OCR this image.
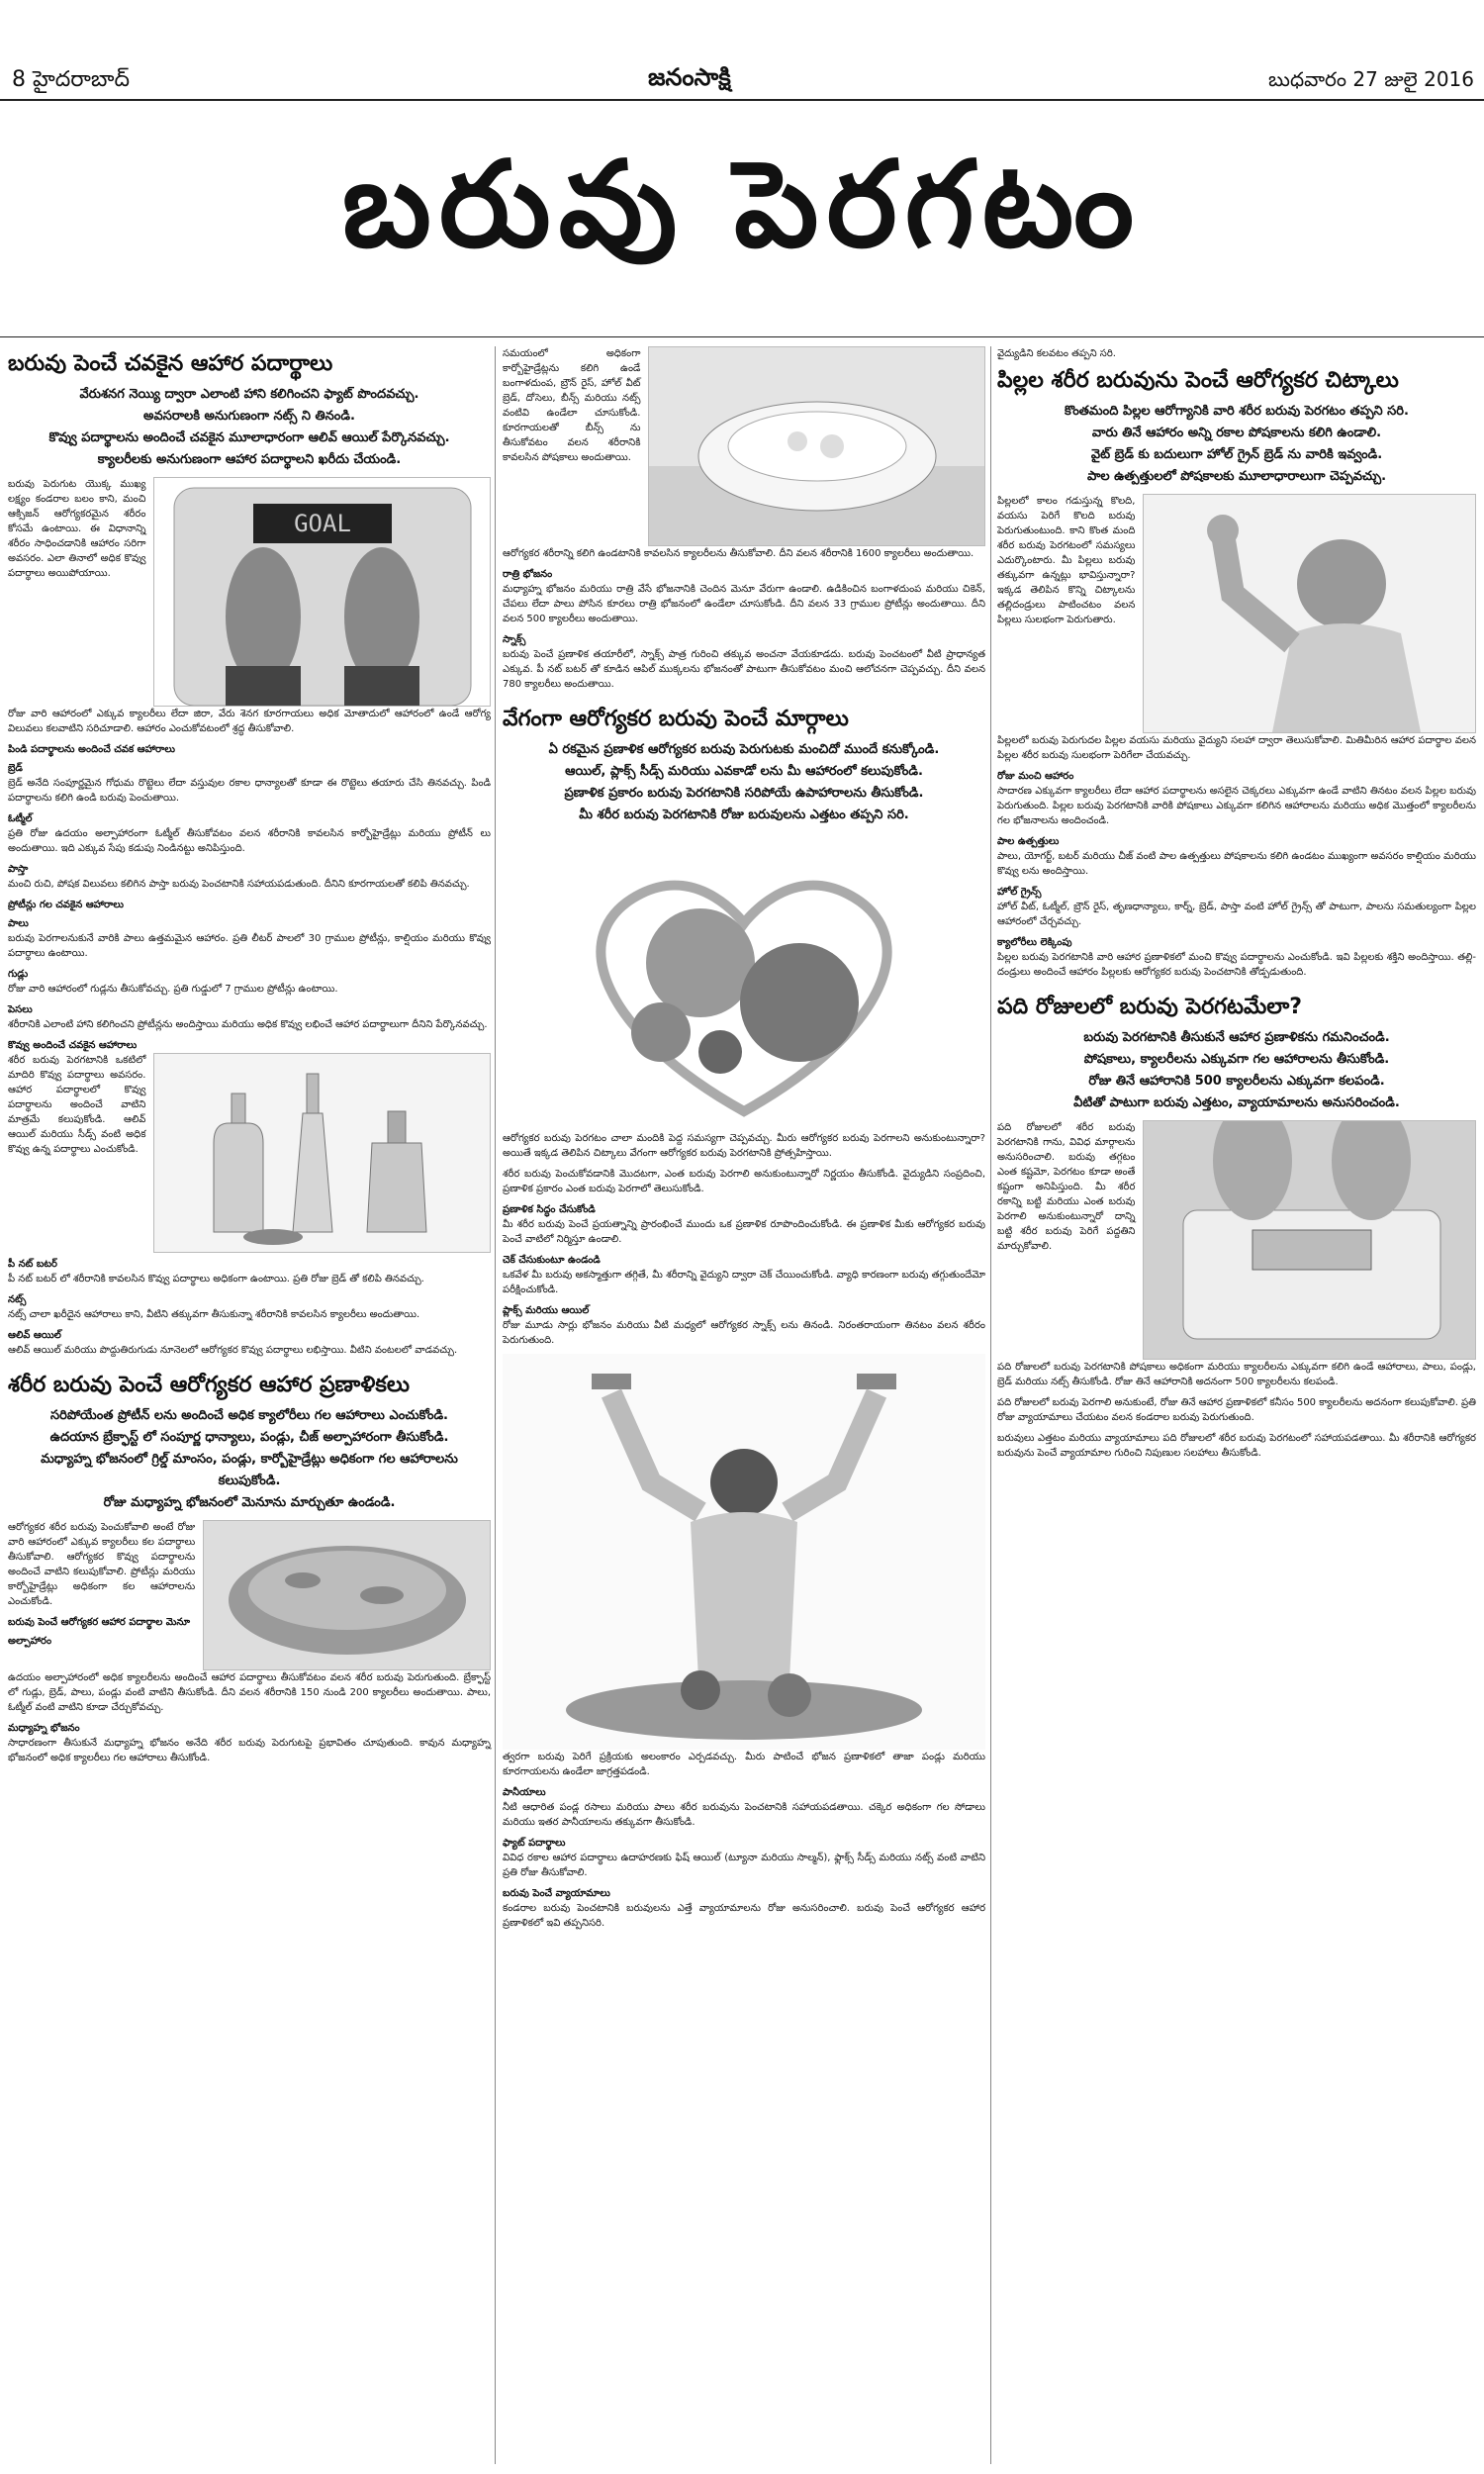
8 హైదరాబాద్	జనంసాక్షి	బుధవారం 27 జులై 2016
బరువు పెరగటం
బరువు పెంచే చవకైన ఆహార పదార్థాలు
వేరుశనగ నెయ్యి ద్వారా ఎలాంటి హాని కలిగించని ఫ్యాట్ పొందవచ్చు.
అవసరాలకి అనుగుణంగా నట్స్ ని తినండి.
కొవ్వు పదార్థాలను అందించే చవకైన మూలాధారంగా ఆలివ్ ఆయిల్ పేర్కొనవచ్చు.
క్యాలరీలకు అనుగుణంగా ఆహార పదార్థాలని ఖరీదు చేయండి.

బరువు పెరుగుట యొక్క ముఖ్య లక్ష్యం కండరాల బలం కాని, మంచి ఆక్సిజన్ ఆరోగ్యకరమైన శరీరం కోసమే ఉంటాయి. ఈ విధానాన్ని శరీరం సాధించడానికి ఆహారం సరిగా అవసరం. ఎలా తినాలో అధిక కొవ్వు పదార్థాలు అయిపోయాయి.

GOAL

రోజు వారి ఆహారంలో ఎక్కువ క్యాలరీలు లేదా జిరా, వేరు శెనగ కూరగాయలు అధిక మోతాదులో ఆహారంలో ఉండే ఆరోగ్య విలువలు కలవాటిని సరిచూడాలి. ఆహారం ఎంచుకోవటంలో శ్రద్ధ తీసుకోవాలి.

పిండి పదార్థాలను అందించే చవక ఆహారాలు
బ్రెడ్

బ్రెడ్ అనేది సంపూర్ణమైన గోధుమ రొట్టెలు లేదా వస్తువుల రకాల ధాన్యాలతో కూడా ఈ రొట్టెలు తయారు చేసి తినవచ్చు. పిండి పదార్థాలను కలిగి ఉండి బరువు పెంచుతాయి.

ఓట్మీల్

ప్రతి రోజు ఉదయం అల్పాహారంగా ఓట్మీల్ తీసుకోవటం వలన శరీరానికి కావలసిన కార్బోహైడ్రేట్లు మరియు ప్రోటీన్ లు అందుతాయి. ఇది ఎక్కువ సేపు కడుపు నిండినట్టు అనిపిస్తుంది.

పాస్తా

మంచి రుచి, పోషక విలువలు కలిగిన పాస్తా బరువు పెంచటానికి సహాయపడుతుంది. దీనిని కూరగాయలతో కలిపి తినవచ్చు.

ప్రోటీన్లు గల చవకైన ఆహారాలు
పాలు

బరువు పెరగాలనుకునే వారికి పాలు ఉత్తమమైన ఆహారం. ప్రతి లీటర్ పాలలో 30 గ్రాముల ప్రోటీన్లు, కాల్షియం మరియు కొవ్వు పదార్థాలు ఉంటాయి.

గుడ్లు

రోజు వారి ఆహారంలో గుడ్లను తీసుకోవచ్చు. ప్రతి గుడ్డులో 7 గ్రాముల ప్రోటీన్లు ఉంటాయి.

పెసలు

శరీరానికి ఎలాంటి హాని కలిగించని ప్రోటీన్లను అందిస్తాయి మరియు అధిక కొవ్వు లభించే ఆహార పదార్థాలుగా దీనిని పేర్కొనవచ్చు.

కొవ్వు అందించే చవకైన ఆహారాలు

శరీర బరువు పెరగటానికి ఒకటిలో మాదిరి కొవ్వు పదార్థాలు అవసరం. ఆహార పదార్థాలలో కొవ్వు పదార్థాలను అందించే వాటిని మాత్రమే కలుపుకోండి. ఆలివ్ ఆయిల్ మరియు సీడ్స్ వంటి అధిక కొవ్వు ఉన్న పదార్థాలు ఎంచుకోండి.

పీ నట్ బటర్

పీ నట్ బటర్ లో శరీరానికి కావలసిన కొవ్వు పదార్థాలు అధికంగా ఉంటాయి. ప్రతి రోజు బ్రెడ్ తో కలిపి తినవచ్చు.

నట్స్

నట్స్ చాలా ఖరీదైన ఆహారాలు కాని, వీటిని తక్కువగా తీసుకున్నా శరీరానికి కావలసిన క్యాలరీలు అందుతాయి.

ఆలివ్ ఆయిల్

ఆలివ్ ఆయిల్ మరియు పొద్దుతిరుగుడు నూనెలలో ఆరోగ్యకర కొవ్వు పదార్థాలు లభిస్తాయి. వీటిని వంటలలో వాడవచ్చు.

శరీర బరువు పెంచే ఆరోగ్యకర ఆహార ప్రణాళికలు
సరిపోయేంత ప్రోటీన్ లను అందించే అధిక క్యాలోరీలు గల ఆహారాలు ఎంచుకోండి.
ఉదయాన బ్రేక్ఫాస్ట్ లో సంపూర్ణ ధాన్యాలు, పండ్లు, చీజ్ అల్పాహారంగా తీసుకోండి.
మధ్యాహ్న భోజనంలో గ్రిల్డ్ మాంసం, పండ్లు, కార్బోహైడ్రేట్లు అధికంగా గల ఆహారాలను కలుపుకోండి.
రోజు మధ్యాహ్న భోజనంలో మెనూను మార్చుతూ ఉండండి.

ఆరోగ్యకర శరీర బరువు పెంచుకోవాలి అంటే రోజు వారి ఆహారంలో ఎక్కువ క్యాలరీలు కల పదార్థాలు తీసుకోవాలి. ఆరోగ్యకర కొవ్వు పదార్థాలను అందించే వాటిని కలుపుకోవాలి. ప్రోటీన్లు మరియు కార్బోహైడ్రేట్లు అధికంగా కల ఆహారాలను ఎంచుకోండి.

బరువు పెంచే ఆరోగ్యకర ఆహార పదార్థాల మెనూ
అల్పాహారం

ఉదయం అల్పాహారంలో అధిక క్యాలరీలను అందించే ఆహార పదార్థాలు తీసుకోవటం వలన శరీర బరువు పెరుగుతుంది. బ్రేక్ఫాస్ట్ లో గుడ్లు, బ్రెడ్, పాలు, పండ్లు వంటి వాటిని తీసుకోండి. దీని వలన శరీరానికి 150 నుండి 200 క్యాలరీలు అందుతాయి. పాలు, ఓట్మీల్ వంటి వాటిని కూడా చేర్చుకోవచ్చు.

మధ్యాహ్న భోజనం

సాధారణంగా తీసుకునే మధ్యాహ్న భోజనం అనేది శరీర బరువు పెరుగుటపై ప్రభావితం చూపుతుంది. కావున మధ్యాహ్న భోజనంలో అధిక క్యాలరీలు గల ఆహారాలు తీసుకోండి.

సమయంలో అధికంగా కార్బోహైడ్రేట్లను కలిగి ఉండే బంగాళదుంప, బ్రౌన్ రైస్, హోల్ వీట్ బ్రెడ్, దోసెలు, బీన్స్ మరియు నట్స్ వంటివి ఉండేలా చూసుకోండి. కూరగాయలతో బీన్స్ ను తీసుకోవటం వలన శరీరానికి కావలసిన పోషకాలు అందుతాయి.

ఆరోగ్యకర శరీరాన్ని కలిగి ఉండటానికి కావలసిన క్యాలరీలను తీసుకోవాలి. దీని వలన శరీరానికి 1600 క్యాలరీలు అందుతాయి.

రాత్రి భోజనం

మధ్యాహ్న భోజనం మరియు రాత్రి వేసే భోజనానికి చెందిన మెనూ వేరుగా ఉండాలి. ఉడికించిన బంగాళదుంప మరియు చికెన్, చేపలు లేదా పాలు పోసిన కూరలు రాత్రి భోజనంలో ఉండేలా చూసుకోండి. దీని వలన 33 గ్రాముల ప్రోటీన్లు అందుతాయి. దీని వలన 500 క్యాలరీలు అందుతాయి.

స్నాక్స్

బరువు పెంచే ప్రణాళిక తయారీలో, స్నాక్స్ పాత్ర గురించి తక్కువ అంచనా వేయకూడదు. బరువు పెంచటంలో వీటి ప్రాధాన్యత ఎక్కువ. పీ నట్ బటర్ తో కూడిన ఆపిల్ ముక్కలను భోజనంతో పాటుగా తీసుకోవటం మంచి ఆలోచనగా చెప్పవచ్చు. దీని వలన 780 క్యాలరీలు అందుతాయి.

వేగంగా ఆరోగ్యకర బరువు పెంచే మార్గాలు
ఏ రకమైన ప్రణాళిక ఆరోగ్యకర బరువు పెరుగుటకు మంచిదో ముందే కనుక్కోండి.
ఆయిల్, ప్లాక్స్ సీడ్స్ మరియు ఎవకాడో లను మీ ఆహారంలో కలుపుకోండి.
ప్రణాళిక ప్రకారం బరువు పెరగటానికి సరిపోయే ఉపాహారాలను తీసుకోండి.
మీ శరీర బరువు పెరగటానికి రోజు బరువులను ఎత్తటం తప్పని సరి.

ఆరోగ్యకర బరువు పెరగటం చాలా మందికి పెద్ద సమస్యగా చెప్పవచ్చు. మీరు ఆరోగ్యకర బరువు పెరగాలని అనుకుంటున్నారా? అయితే ఇక్కడ తెలిపిన చిట్కాలు వేగంగా ఆరోగ్యకర బరువు పెరగటానికి ప్రోత్సహిస్తాయి.

శరీర బరువు పెంచుకోవడానికి మొదటగా, ఎంత బరువు పెరగాలి అనుకుంటున్నారో నిర్ణయం తీసుకోండి. వైద్యుడిని సంప్రదించి, ప్రణాళిక ప్రకారం ఎంత బరువు పెరగాలో తెలుసుకోండి.

ప్రణాళిక సిద్ధం చేసుకోండి

మీ శరీర బరువు పెంచే ప్రయత్నాన్ని ప్రారంభించే ముందు ఒక ప్రణాళిక రూపొందించుకోండి. ఈ ప్రణాళిక మీకు ఆరోగ్యకర బరువు పెంచే వాటిలో నిర్మిస్తూ ఉండాలి.

చెక్ చేసుకుంటూ ఉండండి

ఒకవేళ మీ బరువు అకస్మాత్తుగా తగ్గితే, మీ శరీరాన్ని వైద్యుని ద్వారా చెక్ చేయించుకోండి. వ్యాధి కారణంగా బరువు తగ్గుతుందేమో పరీక్షించుకోండి.

ప్లాక్స్ మరియు ఆయిల్

రోజు మూడు సార్లు భోజనం మరియు వీటి మధ్యలో ఆరోగ్యకర స్నాక్స్ లను తినండి. నిరంతరాయంగా తినటం వలన శరీరం పెరుగుతుంది.

త్వరగా బరువు పెరిగే ప్రక్రియకు అలంకారం ఎర్పడవచ్చు. మీరు పాటించే భోజన ప్రణాళికలో తాజా పండ్లు మరియు కూరగాయలను ఉండేలా జాగ్రత్తపడండి.

పానీయాలు

నీటి ఆధారిత పండ్ల రసాలు మరియు పాలు శరీర బరువును పెంచటానికి సహాయపడతాయి. చక్కెర అధికంగా గల సోడాలు మరియు ఇతర పానీయాలను తక్కువగా తీసుకోండి.

ఫ్యాట్ పదార్థాలు

వివిధ రకాల ఆహార పదార్థాలు ఉదాహరణకు ఫిష్ ఆయిల్ (ట్యూనా మరియు సాల్మన్), ఫ్లాక్స్ సీడ్స్ మరియు నట్స్ వంటి వాటిని ప్రతి రోజు తీసుకోవాలి.

బరువు పెంచే వ్యాయామాలు

కండరాల బరువు పెంచటానికి బరువులను ఎత్తే వ్యాయామాలను రోజు అనుసరించాలి. బరువు పెంచే ఆరోగ్యకర ఆహార ప్రణాళికలో ఇవి తప్పనిసరి.

వైద్యుడిని కలవటం తప్పని సరి.

పిల్లల శరీర బరువును పెంచే ఆరోగ్యకర చిట్కాలు
కొంతమంది పిల్లల ఆరోగ్యానికి వారి శరీర బరువు పెరగటం తప్పని సరి.
వారు తినే ఆహారం అన్ని రకాల పోషకాలను కలిగి ఉండాలి.
వైట్ బ్రెడ్ కు బదులుగా హోల్ గ్రైన్ బ్రెడ్ ను వారికి ఇవ్వండి.
పాల ఉత్పత్తులలో పోషకాలకు మూలాధారాలుగా చెప్పవచ్చు.

పిల్లలలో కాలం గడుస్తున్న కొలది, వయసు పెరిగే కొలది బరువు పెరుగుతుంటుంది. కాని కొంత మంది శరీర బరువు పెరగటంలో సమస్యలు ఎదుర్కొంటారు. మీ పిల్లలు బరువు తక్కువగా ఉన్నట్లు భావిస్తున్నారా? ఇక్కడ తెలిపిన కొన్ని చిట్కాలను తల్లిదండ్రులు పాటించటం వలన పిల్లలు సులభంగా పెరుగుతారు.

పిల్లలలో బరువు పెరుగుదల పిల్లల వయసు మరియు వైద్యుని సలహా ద్వారా తెలుసుకోవాలి. మితిమీరిన ఆహార పదార్థాల వలన పిల్లల శరీర బరువు సులభంగా పెరిగేలా చేయవచ్చు.

రోజు మంచి ఆహారం

సాదారణ ఎక్కువగా క్యాలరీలు లేదా ఆహార పదార్థాలను అసలైన చెక్కరలు ఎక్కువగా ఉండే వాటిని తినటం వలన పిల్లల బరువు పెరుగుతుంది. పిల్లల బరువు పెరగటానికి వారికి పోషకాలు ఎక్కువగా కలిగిన ఆహారాలను మరియు అధిక మొత్తంలో క్యాలరీలను గల భోజనాలను అందించండి.

పాల ఉత్పత్తులు

పాలు, యోగర్ట్, బటర్ మరియు చీజ్ వంటి పాల ఉత్పత్తులు పోషకాలను కలిగి ఉండటం ముఖ్యంగా అవసరం కాల్షియం మరియు కొవ్వు లను అందిస్తాయి.

హోల్ గ్రైన్స్

హోల్ వీట్, ఓట్మీల్, బ్రౌన్ రైస్, తృణధాన్యాలు, కార్న్, బ్రెడ్, పాస్తా వంటి హోల్ గ్రైన్స్ తో పాటుగా, పాలను సమతుల్యంగా పిల్లల ఆహారంలో చేర్చవచ్చు.

క్యాలోరీలు లెక్కింపు

పిల్లల బరువు పెరగటానికి వారి ఆహార ప్రణాళికలో మంచి కొవ్వు పదార్థాలను ఎంచుకోండి. ఇవి పిల్లలకు శక్తిని అందిస్తాయి. తల్లి-దండ్రులు అందించే ఆహారం పిల్లలకు ఆరోగ్యకర బరువు పెంచటానికి తోడ్పడుతుంది.

పది రోజులలో బరువు పెరగటమేలా?
బరువు పెరగటానికి తీసుకునే ఆహార ప్రణాళికను గమనించండి.
పోషకాలు, క్యాలరీలను ఎక్కువగా గల ఆహారాలను తీసుకోండి.
రోజు తినే ఆహారానికి 500 క్యాలరీలను ఎక్కువగా కలపండి.
వీటితో పాటుగా బరువు ఎత్తటం, వ్యాయామాలను అనుసరించండి.

పది రోజులలో శరీర బరువు పెరగటానికి గాను, వివిధ మార్గాలను అనుసరించాలి. బరువు తగ్గటం ఎంత కష్టమో, పెరగటం కూడా అంతే కష్టంగా అనిపిస్తుంది. మీ శరీర రకాన్ని బట్టి మరియు ఎంత బరువు పెరగాలి అనుకుంటున్నారో దాన్ని బట్టి శరీర బరువు పెరిగే పద్దతిని మార్చుకోవాలి.

పది రోజులలో బరువు పెరగటానికి పోషకాలు అధికంగా మరియు క్యాలరీలను ఎక్కువగా కలిగి ఉండే ఆహారాలు, పాలు, పండ్లు, బ్రెడ్ మరియు నట్స్ తీసుకోండి. రోజు తినే ఆహారానికి అదనంగా 500 క్యాలరీలను కలపండి.

పది రోజులలో బరువు పెరగాలి అనుకుంటే, రోజు తినే ఆహార ప్రణాళికలో కనీసం 500 క్యాలరీలను అదనంగా కలుపుకోవాలి. ప్రతి రోజు వ్యాయామాలు చేయటం వలన కండరాల బరువు పెరుగుతుంది.

బరువులు ఎత్తటం మరియు వ్యాయామాలు పది రోజులలో శరీర బరువు పెరగటంలో సహాయపడతాయి. మీ శరీరానికి ఆరోగ్యకర బరువును పెంచే వ్యాయామాల గురించి నిపుణుల సలహాలు తీసుకోండి.
